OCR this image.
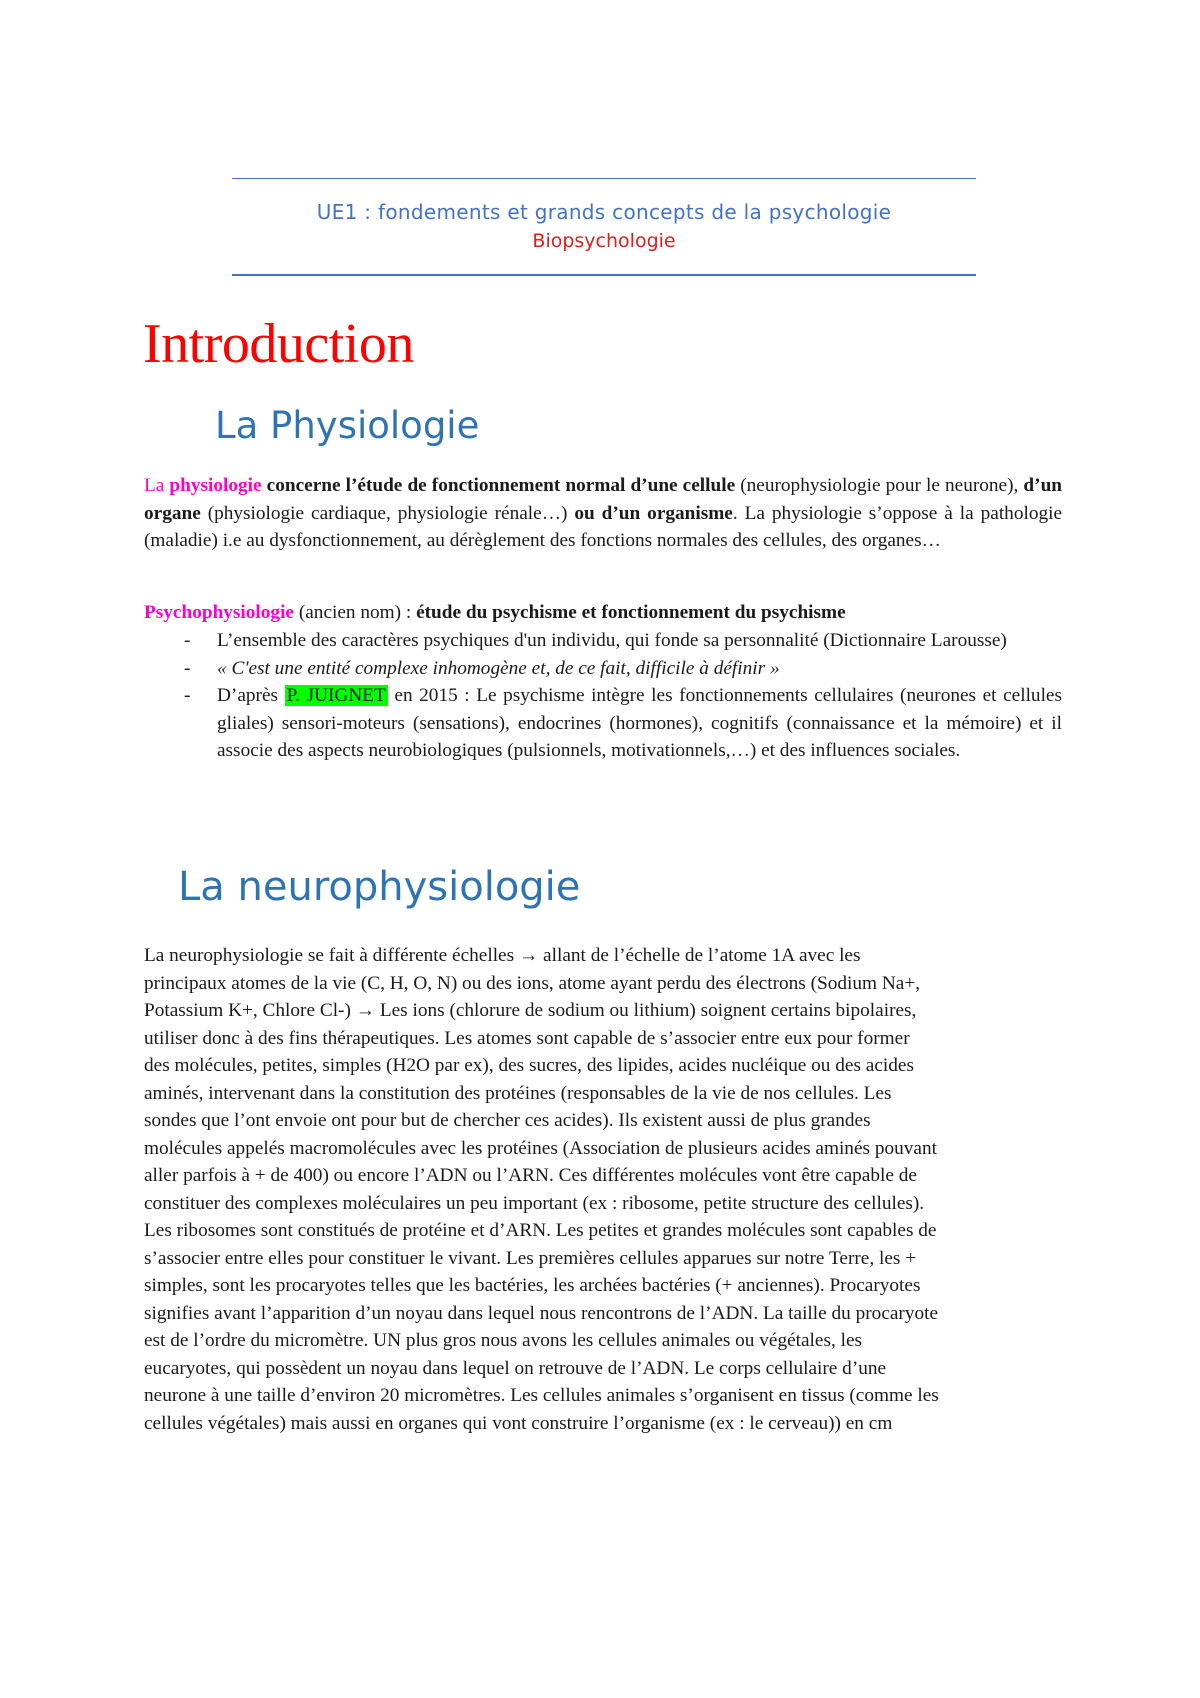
UE1 : fondements et grands concepts de la psychologie
Biopsychologie
Introduction
La Physiologie

La physiologie concerne l’étude de fonctionnement normal d’une cellule (neurophysiologie pour le neurone), d’un organe (physiologie cardiaque, physiologie rénale…) ou d’un organisme. La physiologie s’oppose à la pathologie (maladie) i.e au dysfonctionnement, au dérèglement des fonctions normales des cellules, des organes…

Psychophysiologie (ancien nom) : étude du psychisme et fonctionnement du psychisme

- L’ensemble des caractères psychiques d'un individu, qui fonde sa personnalité (Dictionnaire Larousse)
- « C'est une entité complexe inhomogène et, de ce fait, difficile à définir »
- D’après P. JUIGNET en 2015 : Le psychisme intègre les fonctionnements cellulaires (neurones et cellules gliales) sensori-moteurs (sensations), endocrines (hormones), cognitifs (connaissance et la mémoire) et il associe des aspects neurobiologiques (pulsionnels, motivationnels,…) et des influences sociales.
La neurophysiologie
La neurophysiologie se fait à différente échelles → allant de l’échelle de l’atome 1A avec les
principaux atomes de la vie (C, H, O, N) ou des ions, atome ayant perdu des électrons (Sodium Na+,
Potassium K+, Chlore Cl-) → Les ions (chlorure de sodium ou lithium) soignent certains bipolaires,
utiliser donc à des fins thérapeutiques. Les atomes sont capable de s’associer entre eux pour former
des molécules, petites, simples (H2O par ex), des sucres, des lipides, acides nucléique ou des acides
aminés, intervenant dans la constitution des protéines (responsables de la vie de nos cellules. Les
sondes que l’ont envoie ont pour but de chercher ces acides). Ils existent aussi de plus grandes
molécules appelés macromolécules avec les protéines (Association de plusieurs acides aminés pouvant
aller parfois à + de 400) ou encore l’ADN ou l’ARN. Ces différentes molécules vont être capable de
constituer des complexes moléculaires un peu important (ex : ribosome, petite structure des cellules).
Les ribosomes sont constitués de protéine et d’ARN. Les petites et grandes molécules sont capables de
s’associer entre elles pour constituer le vivant. Les premières cellules apparues sur notre Terre, les +
simples, sont les procaryotes telles que les bactéries, les archées bactéries (+ anciennes). Procaryotes
signifies avant l’apparition d’un noyau dans lequel nous rencontrons de l’ADN. La taille du procaryote
est de l’ordre du micromètre. UN plus gros nous avons les cellules animales ou végétales, les
eucaryotes, qui possèdent un noyau dans lequel on retrouve de l’ADN. Le corps cellulaire d’une
neurone à une taille d’environ 20 micromètres. Les cellules animales s’organisent en tissus (comme les
cellules végétales) mais aussi en organes qui vont construire l’organisme (ex : le cerveau)) en cm
